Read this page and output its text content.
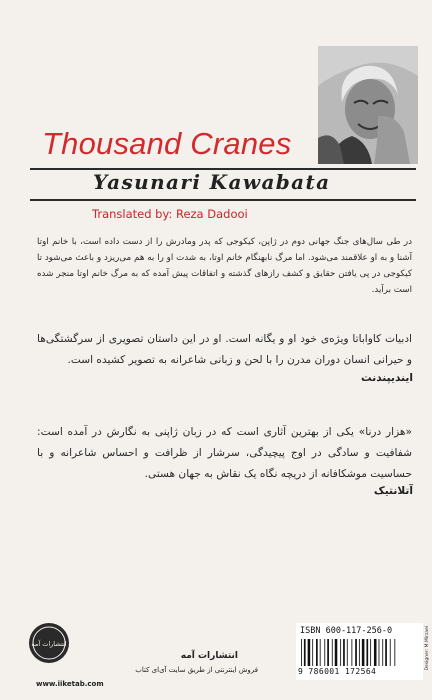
Thousand Cranes
Yasunari Kawabata
Translated by: Reza Dadooi
در طی سال‌های جنگ جهانی دوم در ژاپن، کیکوجی که پدر ومادرش را از دست داده است، با خانم اوتا آشنا و به او علاقمند می‌شود. اما مرگ نابهنگام خانم اوتا، به شدت او را به هم می‌ریزد و باعث می‌شود تا کیکوجی در پی یافتن حقایق و کشف رازهای گذشته و اتفاقات پیش آمده که به مرگ خانم اوتا منجر شده است برآید.
ادبیات کاواباتا ویژه‌ی خود او و یگانه است. او در این داستان تصویری از سرگشتگی‌ها و حیرانی انسان دوران مدرن را با لحن و زبانی شاعرانه به تصویر کشیده است.
ایندیپندنت
«هزار درنا» یکی از بهترین آثاری است که در زبان ژاپنی به نگارش در آمده است: شفافیت و سادگی در اوج پیچیدگی، سرشار از ظرافت و احساس شاعرانه و با حساسیت موشکافانه از دریچه نگاه یک نقاش به جهان هستی.
آتلانتیک
انتشارات آمه
انتشارات آمه
فروش اینترنتی از طریق سایت آی‌ای کتاب
www.iiketab.com
ISBN 600-117-256-0
9 786001 172564
Designer: M.Mirzaei
